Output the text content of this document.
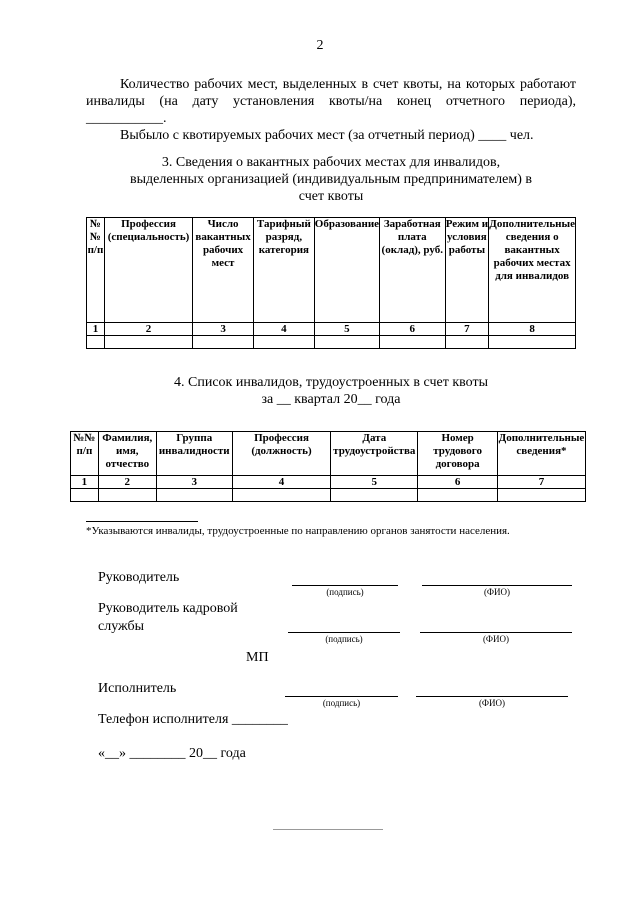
2
Количество рабочих мест, выделенных в счет квоты, на которых работают инвалиды (на дату установления квоты/на конец отчетного периода), ___________.
Выбыло с квотируемых рабочих мест (за отчетный период) ____ чел.
3. Сведения о вакантных рабочих местах для инвалидов,
выделенных организацией (индивидуальным предпринимателем) в
счет квоты
№№ п/п	Профессия (специальность)	Число вакантных рабочих мест	Тарифный разряд, категория	Образование	Заработная плата (оклад), руб.	Режим и условия работы	Дополнительные сведения о вакантных рабочих местах для инвалидов
1	2	3	4	5	6	7	8

4. Список инвалидов, трудоустроенных в счет квоты
за __ квартал 20__ года
№№ п/п	Фамилия, имя, отчество	Группа инвалидности	Профессия (должность)	Дата трудоустройства	Номер трудового договора	Дополнительные сведения*
1	2	3	4	5	6	7

*Указываются инвалиды, трудоустроенные по направлению органов занятости населения.
Руководитель
(подпись)	(ФИО)
Руководитель кадровой
службы
(подпись)	(ФИО)
МП
Исполнитель
(подпись)	(ФИО)
Телефон исполнителя ________
«__» ________ 20__ года
